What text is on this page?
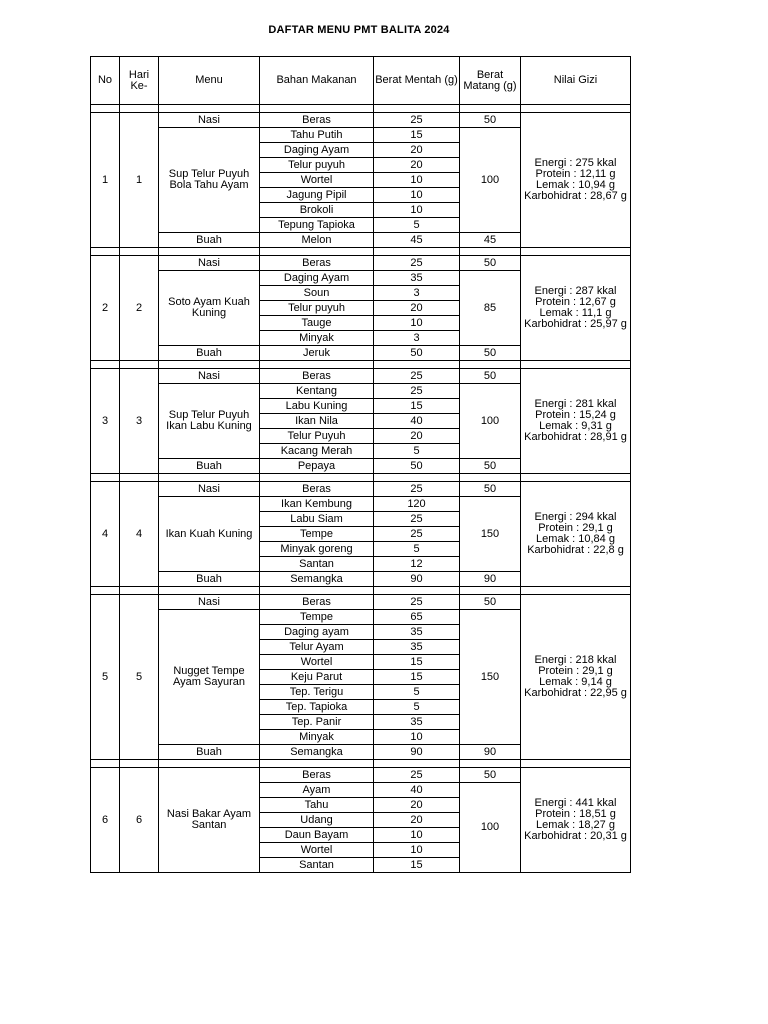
DAFTAR MENU PMT BALITA 2024
No	Hari Ke-	Menu	Bahan Makanan	Berat Mentah (g)	Berat Matang (g)	Nilai Gizi

1	1	Nasi	Beras	25	50	Energi : 275 kkal Protein : 12,11 g Lemak : 10,94 g Karbohidrat : 28,67 g
		Sup Telur Puyuh Bola Tahu Ayam	Tahu Putih	15	100	
			Daging Ayam	20		
			Telur puyuh	20		
			Wortel	10		
			Jagung Pipil	10		
			Brokoli	10		
			Tepung Tapioka	5		
		Buah	Melon	45	45	

2	2	Nasi	Beras	25	50	Energi : 287 kkal Protein : 12,67 g Lemak : 11,1 g Karbohidrat : 25,97 g
		Soto Ayam Kuah Kuning	Daging Ayam	35	85	
			Soun	3		
			Telur puyuh	20		
			Tauge	10		
			Minyak	3		
		Buah	Jeruk	50	50	

3	3	Nasi	Beras	25	50	Energi : 281 kkal Protein : 15,24 g Lemak : 9,31 g Karbohidrat : 28,91 g
		Sup Telur Puyuh Ikan Labu Kuning	Kentang	25	100	
			Labu Kuning	15		
			Ikan Nila	40		
			Telur Puyuh	20		
			Kacang Merah	5		
		Buah	Pepaya	50	50	

4	4	Nasi	Beras	25	50	Energi : 294 kkal Protein : 29,1 g Lemak : 10,84 g Karbohidrat : 22,8 g
		Ikan Kuah Kuning	Ikan Kembung	120	150	
			Labu Siam	25		
			Tempe	25		
			Minyak goreng	5		
			Santan	12		
		Buah	Semangka	90	90	

5	5	Nasi	Beras	25	50	Energi : 218 kkal Protein : 29,1 g Lemak : 9,14 g Karbohidrat : 22,95 g
		Nugget Tempe Ayam Sayuran	Tempe	65	150	
			Daging ayam	35		
			Telur Ayam	35		
			Wortel	15		
			Keju Parut	15		
			Tep. Terigu	5		
			Tep. Tapioka	5		
			Tep. Panir	35		
			Minyak	10		
		Buah	Semangka	90	90	

6	6	Nasi Bakar Ayam Santan	Beras	25	50	Energi : 441 kkal Protein : 18,51 g Lemak : 18,27 g Karbohidrat : 20,31 g
			Ayam	40	100	
			Tahu	20		
			Udang	20		
			Daun Bayam	10		
			Wortel	10		
			Santan	15		
